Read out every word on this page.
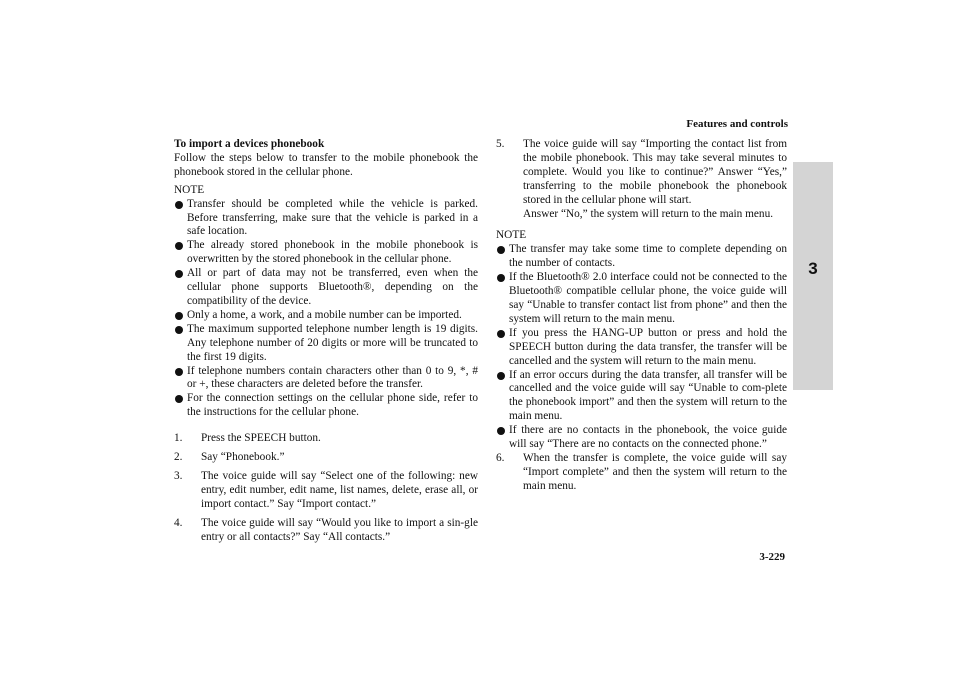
Features and controls
3
To import a devices phonebook
Follow the steps below to transfer to the mobile phonebook the phonebook stored in the cellular phone.
NOTE
Transfer should be completed while the vehicle is parked. Before transferring, make sure that the vehicle is parked in a safe location.
The already stored phonebook in the mobile phonebook is overwritten by the stored phonebook in the cellular phone.
All or part of data may not be transferred, even when the cellular phone supports Bluetooth®, depending on the compatibility of the device.
Only a home, a work, and a mobile number can be imported.
The maximum supported telephone number length is 19 digits. Any telephone number of 20 digits or more will be truncated to the first 19 digits.
If telephone numbers contain characters other than 0 to 9, *, # or +, these characters are deleted before the transfer.
For the connection settings on the cellular phone side, refer to the instructions for the cellular phone.
1.	Press the SPEECH button.
2.	Say “Phonebook.”
3.	The voice guide will say “Select one of the following: new entry, edit number, edit name, list names, delete, erase all, or import contact.” Say “Import contact.”
4.	The voice guide will say “Would you like to import a sin-gle entry or all contacts?” Say “All contacts.”
5.	The voice guide will say “Importing the contact list from the mobile phonebook. This may take several minutes to complete. Would you like to continue?” Answer “Yes,” transferring to the mobile phonebook the phonebook stored in the cellular phone will start.
Answer “No,” the system will return to the main menu.
NOTE
The transfer may take some time to complete depending on the number of contacts.
If the Bluetooth® 2.0 interface could not be connected to the Bluetooth® compatible cellular phone, the voice guide will say “Unable to transfer contact list from phone” and then the system will return to the main menu.
If you press the HANG-UP button or press and hold the SPEECH button during the data transfer, the transfer will be cancelled and the system will return to the main menu.
If an error occurs during the data transfer, all transfer will be cancelled and the voice guide will say “Unable to com-plete the phonebook import” and then the system will return to the main menu.
If there are no contacts in the phonebook, the voice guide will say “There are no contacts on the connected phone.”
6.	When the transfer is complete, the voice guide will say “Import complete” and then the system will return to the main menu.
3-229
